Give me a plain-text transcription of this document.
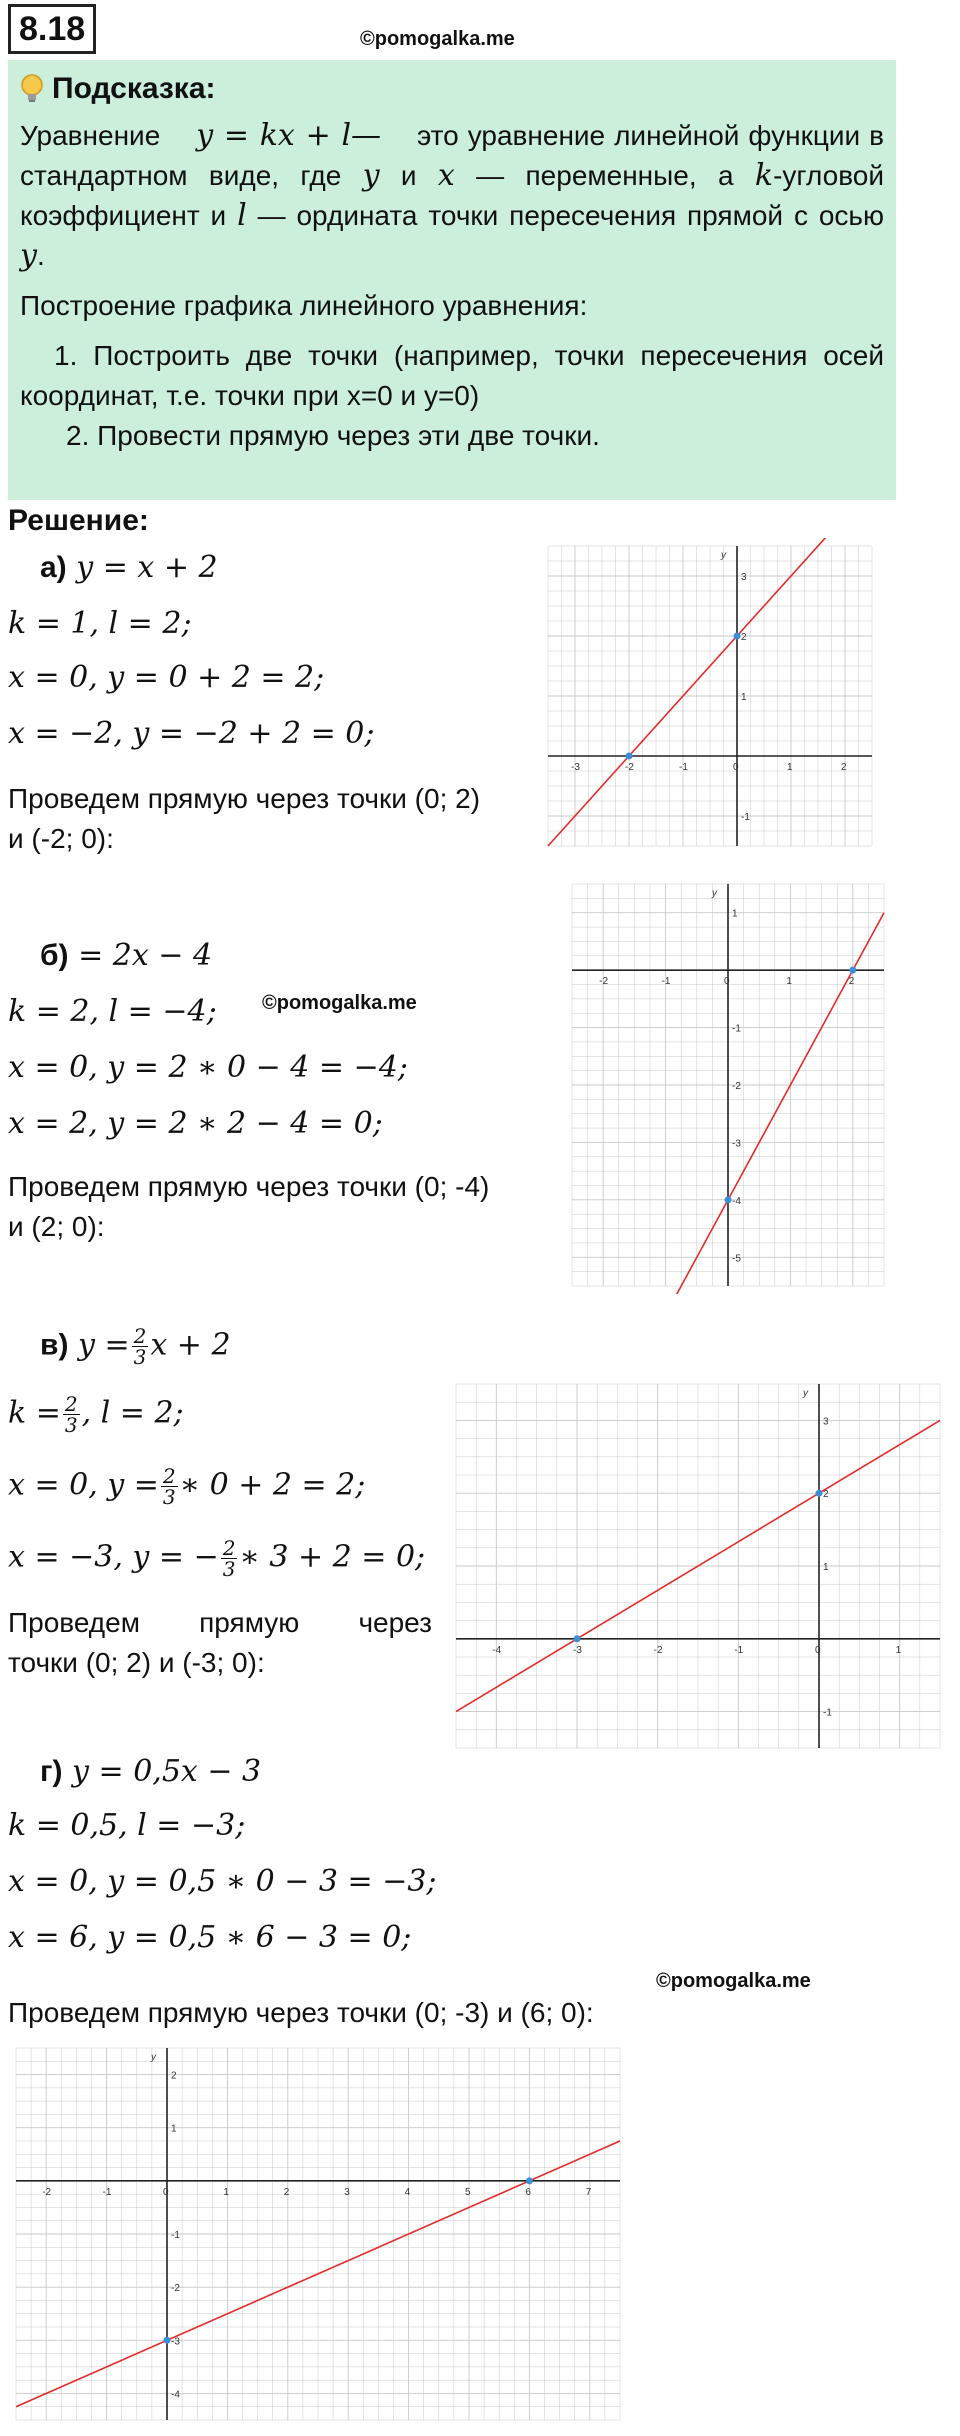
8.18	©pomogalka.me
Подсказка:

Уравнение y = kx + l— это уравнение линейной функции в стандартном виде, где y и x — переменные, а k-угловой коэффициент и l — ордината точки пересечения прямой с осью y.

Построение графика линейного уравнения:

1. Построить две точки (например, точки пересечения осей координат, т.е. точки при x=0 и y=0)
2. Провести прямую через эти две точки.
Решение:
а) y = x + 2
k = 1, l = 2;
x = 0, y = 0 + 2 = 2;
x = −2, y = −2 + 2 = 0;
Проведем прямую через точки (0; 2)
и (-2; 0):
y
-3	-2	-1	0	1	2
-1
1
2
3
б) = 2x − 4
©pomogalka.me
k = 2, l = −4;
x = 0, y = 2 ∗ 0 − 4 = −4;
x = 2, y = 2 ∗ 2 − 4 = 0;
Проведем прямую через точки (0; -4)
и (2; 0):
y
-2	-1	0	1	2
-5
-4
-3
-2
-1
1
в) $y = \frac{2}{3}$ x + 2
$k = \frac{2}{3}$ , l = 2;
x = 0, $y = \frac{2}{3}$ ∗ 0 + 2 = 2;
x = −3, y = − $\frac{2}{3}$ ∗ 3 + 2 = 0;
Проведем прямую через
точки (0; 2) и (-3; 0):
y
-4	-3	-2	-1	0	1
-1
1
2
3
г) y = 0,5x − 3
k = 0,5, l = −3;
x = 0, y = 0,5 ∗ 0 − 3 = −3;
x = 6, y = 0,5 ∗ 6 − 3 = 0;
©pomogalka.me
Проведем прямую через точки (0; -3) и (6; 0):
y
-2	-1	0	1	2	3	4	5	6	7
-4
-3
-2
-1
1
2
